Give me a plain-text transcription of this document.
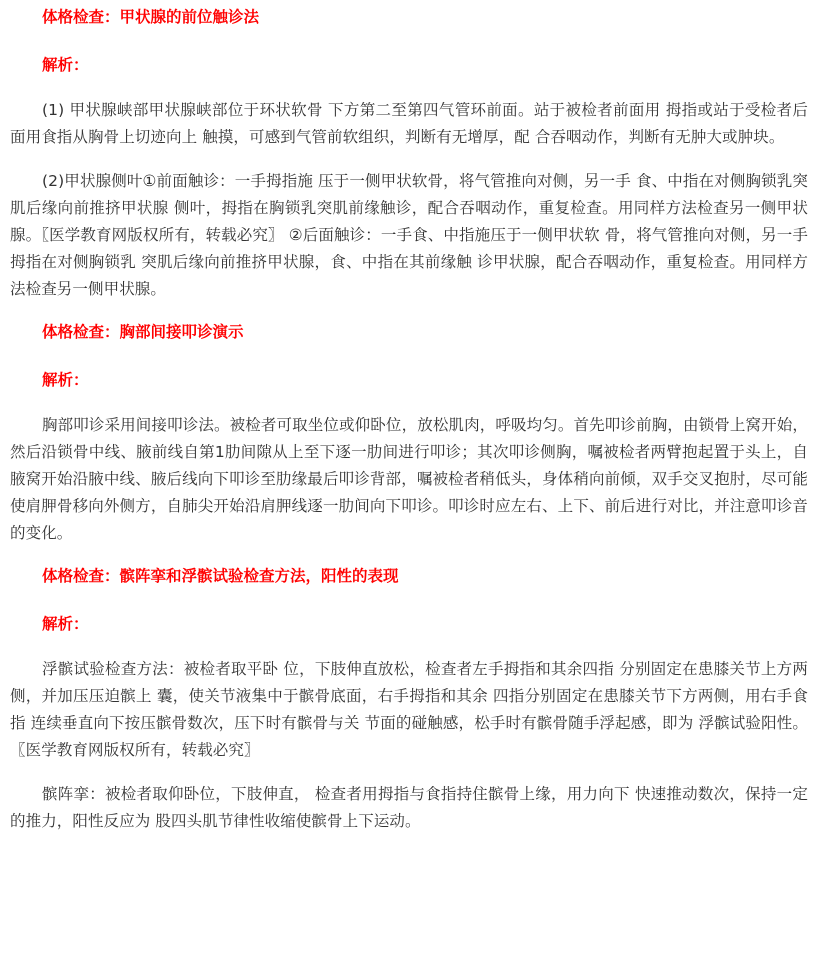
体格检查：甲状腺的前位触诊法
解析：

(1) 甲状腺峡部甲状腺峡部位于环状软骨 下方第二至第四气管环前面。站于被检者前面用 拇指或站于受检者后面用食指从胸骨上切迹向上 触摸，可感到气管前软组织，判断有无增厚，配 合吞咽动作，判断有无肿大或肿块。

(2)甲状腺侧叶①前面触诊：一手拇指施 压于一侧甲状软骨，将气管推向对侧，另一手 食、中指在对侧胸锁乳突肌后缘向前推挤甲状腺 侧叶，拇指在胸锁乳突肌前缘触诊，配合吞咽动作，重复检查。用同样方法检查另一侧甲状腺。〖医学教育网版权所有，转载必究〗 ②后面触诊：一手食、中指施压于一侧甲状软 骨，将气管推向对侧，另一手拇指在对侧胸锁乳 突肌后缘向前推挤甲状腺，食、中指在其前缘触 诊甲状腺，配合吞咽动作，重复检查。用同样方 法检查另一侧甲状腺。

体格检查：胸部间接叩诊演示
解析：

胸部叩诊采用间接叩诊法。被检者可取坐位或仰卧位，放松肌肉，呼吸均匀。首先叩诊前胸，由锁骨上窝开始，然后沿锁骨中线、腋前线自第1肋间隙从上至下逐一肋间进行叩诊；其次叩诊侧胸，嘱被检者两臂抱起置于头上，自腋窝开始沿腋中线、腋后线向下叩诊至肋缘最后叩诊背部，嘱被检者稍低头，身体稍向前倾，双手交叉抱肘，尽可能使肩胛骨移向外侧方，自肺尖开始沿肩胛线逐一肋间向下叩诊。叩诊时应左右、上下、前后进行对比，并注意叩诊音的变化。

体格检查：髌阵挛和浮髌试验检查方法，阳性的表现
解析：

浮髌试验检查方法：被检者取平卧 位，下肢伸直放松，检查者左手拇指和其余四指 分别固定在患膝关节上方两侧，并加压压迫髌上 囊，使关节液集中于髌骨底面，右手拇指和其余 四指分别固定在患膝关节下方两侧，用右手食指 连续垂直向下按压髌骨数次，压下时有髌骨与关 节面的碰触感，松手时有髌骨随手浮起感，即为 浮髌试验阳性。〖医学教育网版权所有，转载必究〗

髌阵挛：被检者取仰卧位，下肢伸直， 检查者用拇指与食指持住髌骨上缘，用力向下 快速推动数次，保持一定的推力，阳性反应为 股四头肌节律性收缩使髌骨上下运动。
